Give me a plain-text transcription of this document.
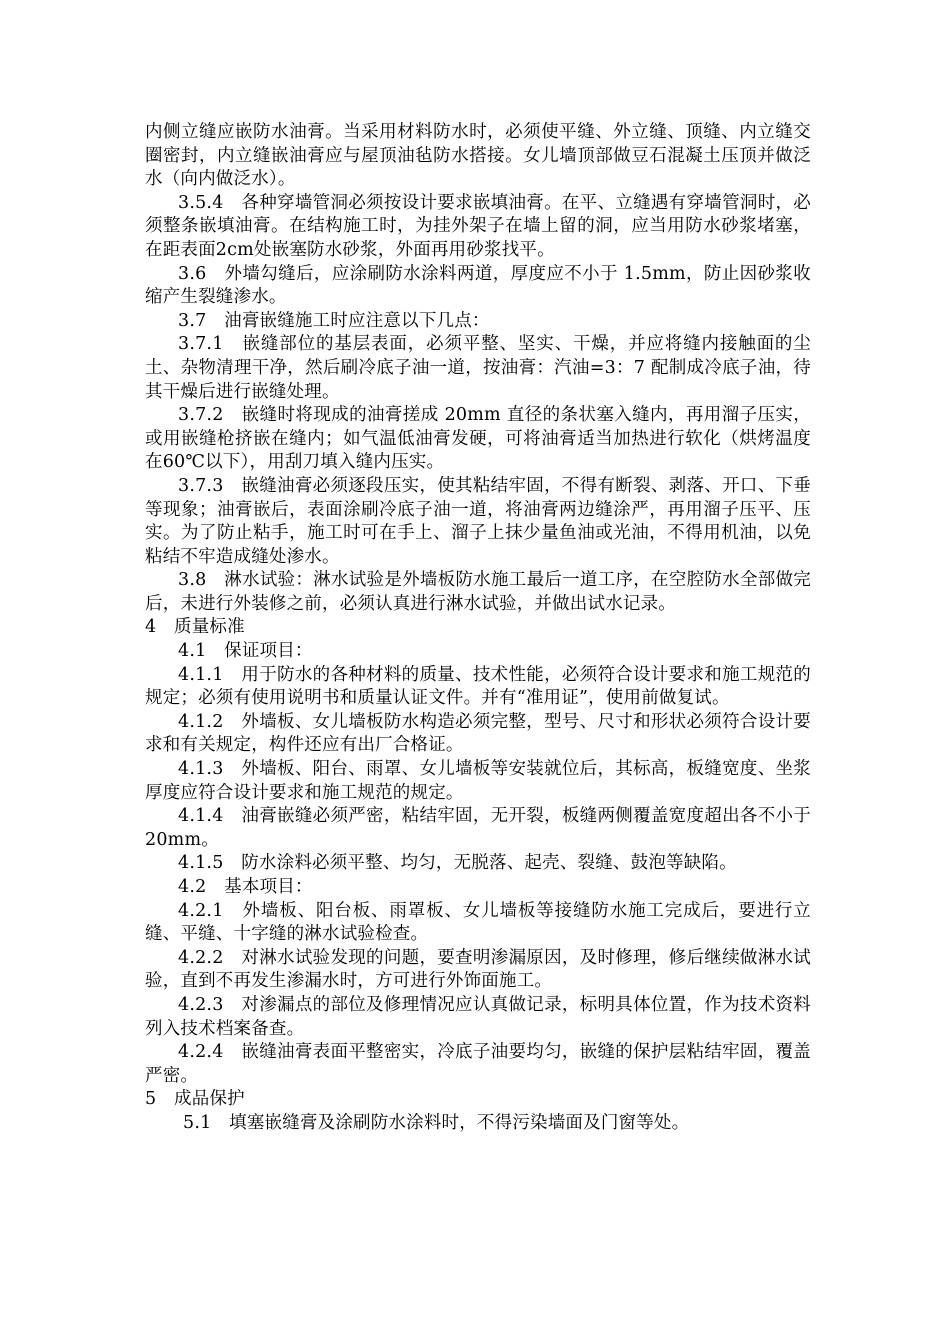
内侧立缝应嵌防水油膏。当采用材料防水时，必须使平缝、外立缝、顶缝、内立缝交圈密封，内立缝嵌油膏应与屋顶油毡防水搭接。女儿墙顶部做豆石混凝土压顶并做泛水（向内做泛水）。

3.5.4　各种穿墙管洞必须按设计要求嵌填油膏。在平、立缝遇有穿墙管洞时，必须整条嵌填油膏。在结构施工时，为挂外架子在墙上留的洞，应当用防水砂浆堵塞，在距表面2cm处嵌塞防水砂浆，外面再用砂浆找平。

3.6　外墙勾缝后，应涂刷防水涂料两道，厚度应不小于 1.5mm，防止因砂浆收缩产生裂缝渗水。

3.7　油膏嵌缝施工时应注意以下几点：

3.7.1　嵌缝部位的基层表面，必须平整、坚实、干燥，并应将缝内接触面的尘土、杂物清理干净，然后刷冷底子油一道，按油膏：汽油=3：7 配制成冷底子油，待其干燥后进行嵌缝处理。

3.7.2　嵌缝时将现成的油膏搓成 20mm 直径的条状塞入缝内，再用溜子压实，或用嵌缝枪挤嵌在缝内；如气温低油膏发硬，可将油膏适当加热进行软化（烘烤温度在60℃以下），用刮刀填入缝内压实。

3.7.3　嵌缝油膏必须逐段压实，使其粘结牢固，不得有断裂、剥落、开口、下垂等现象；油膏嵌后，表面涂刷冷底子油一道，将油膏两边缝涂严，再用溜子压平、压实。为了防止粘手，施工时可在手上、溜子上抹少量鱼油或光油，不得用机油，以免粘结不牢造成缝处渗水。

3.8　淋水试验：淋水试验是外墙板防水施工最后一道工序，在空腔防水全部做完后，未进行外装修之前，必须认真进行淋水试验，并做出试水记录。

4　质量标准

4.1　保证项目：

4.1.1　用于防水的各种材料的质量、技术性能，必须符合设计要求和施工规范的规定；必须有使用说明书和质量认证文件。并有“准用证”，使用前做复试。

4.1.2　外墙板、女儿墙板防水构造必须完整，型号、尺寸和形状必须符合设计要求和有关规定，构件还应有出厂合格证。

4.1.3　外墙板、阳台、雨罩、女儿墙板等安装就位后，其标高，板缝宽度、坐浆厚度应符合设计要求和施工规范的规定。

4.1.4　油膏嵌缝必须严密，粘结牢固，无开裂，板缝两侧覆盖宽度超出各不小于 20mm。

4.1.5　防水涂料必须平整、均匀，无脱落、起壳、裂缝、鼓泡等缺陷。

4.2　基本项目：

4.2.1　外墙板、阳台板、雨罩板、女儿墙板等接缝防水施工完成后，要进行立缝、平缝、十字缝的淋水试验检查。

4.2.2　对淋水试验发现的问题，要查明渗漏原因，及时修理，修后继续做淋水试验，直到不再发生渗漏水时，方可进行外饰面施工。

4.2.3　对渗漏点的部位及修理情况应认真做记录，标明具体位置，作为技术资料列入技术档案备查。

4.2.4　嵌缝油膏表面平整密实，冷底子油要均匀，嵌缝的保护层粘结牢固，覆盖严密。

5　成品保护

5.1　填塞嵌缝膏及涂刷防水涂料时，不得污染墙面及门窗等处。
